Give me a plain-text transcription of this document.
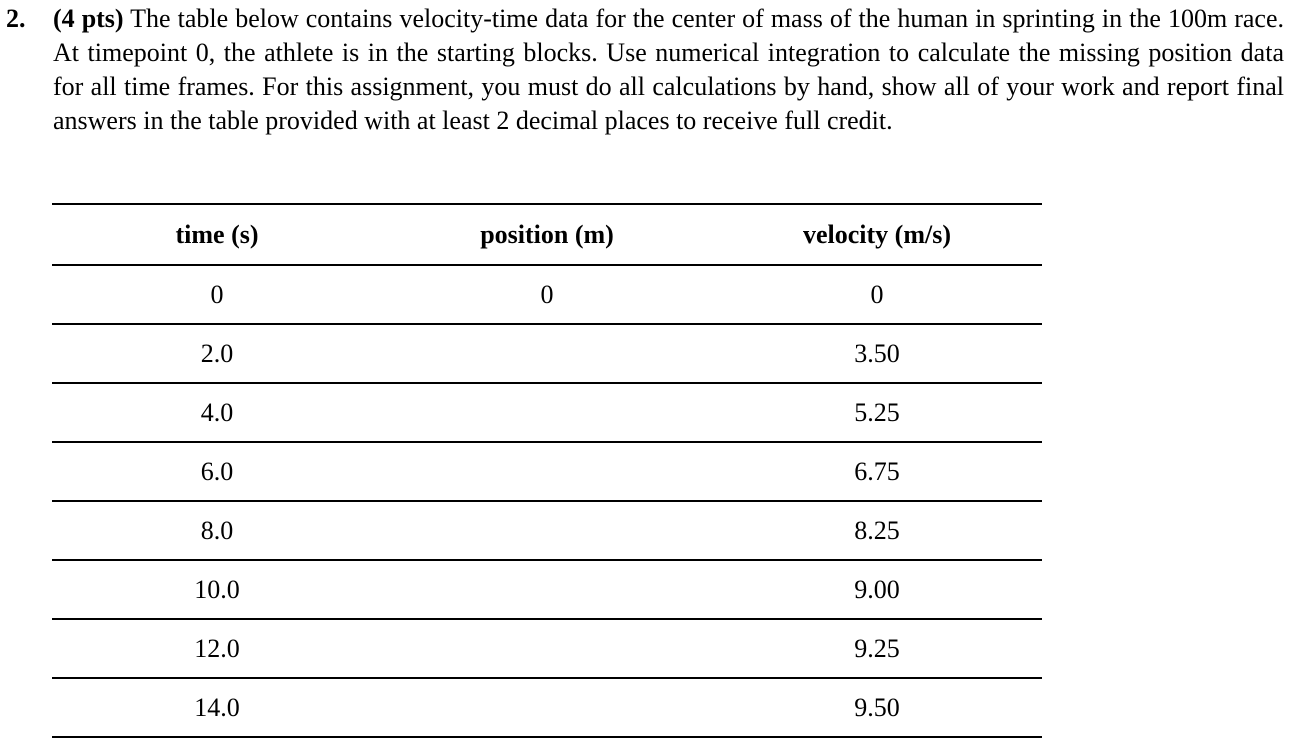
2. (4 pts) The table below contains velocity-time data for the center of mass of the human in sprinting in the 100m race. At timepoint 0, the athlete is in the starting blocks. Use numerical integration to calculate the missing position data for all time frames. For this assignment, you must do all calculations by hand, show all of your work and report final answers in the table provided with at least 2 decimal places to receive full credit.
time (s)	position (m)	velocity (m/s)
0	0	0
2.0		3.50
4.0		5.25
6.0		6.75
8.0		8.25
10.0		9.00
12.0		9.25
14.0		9.50
